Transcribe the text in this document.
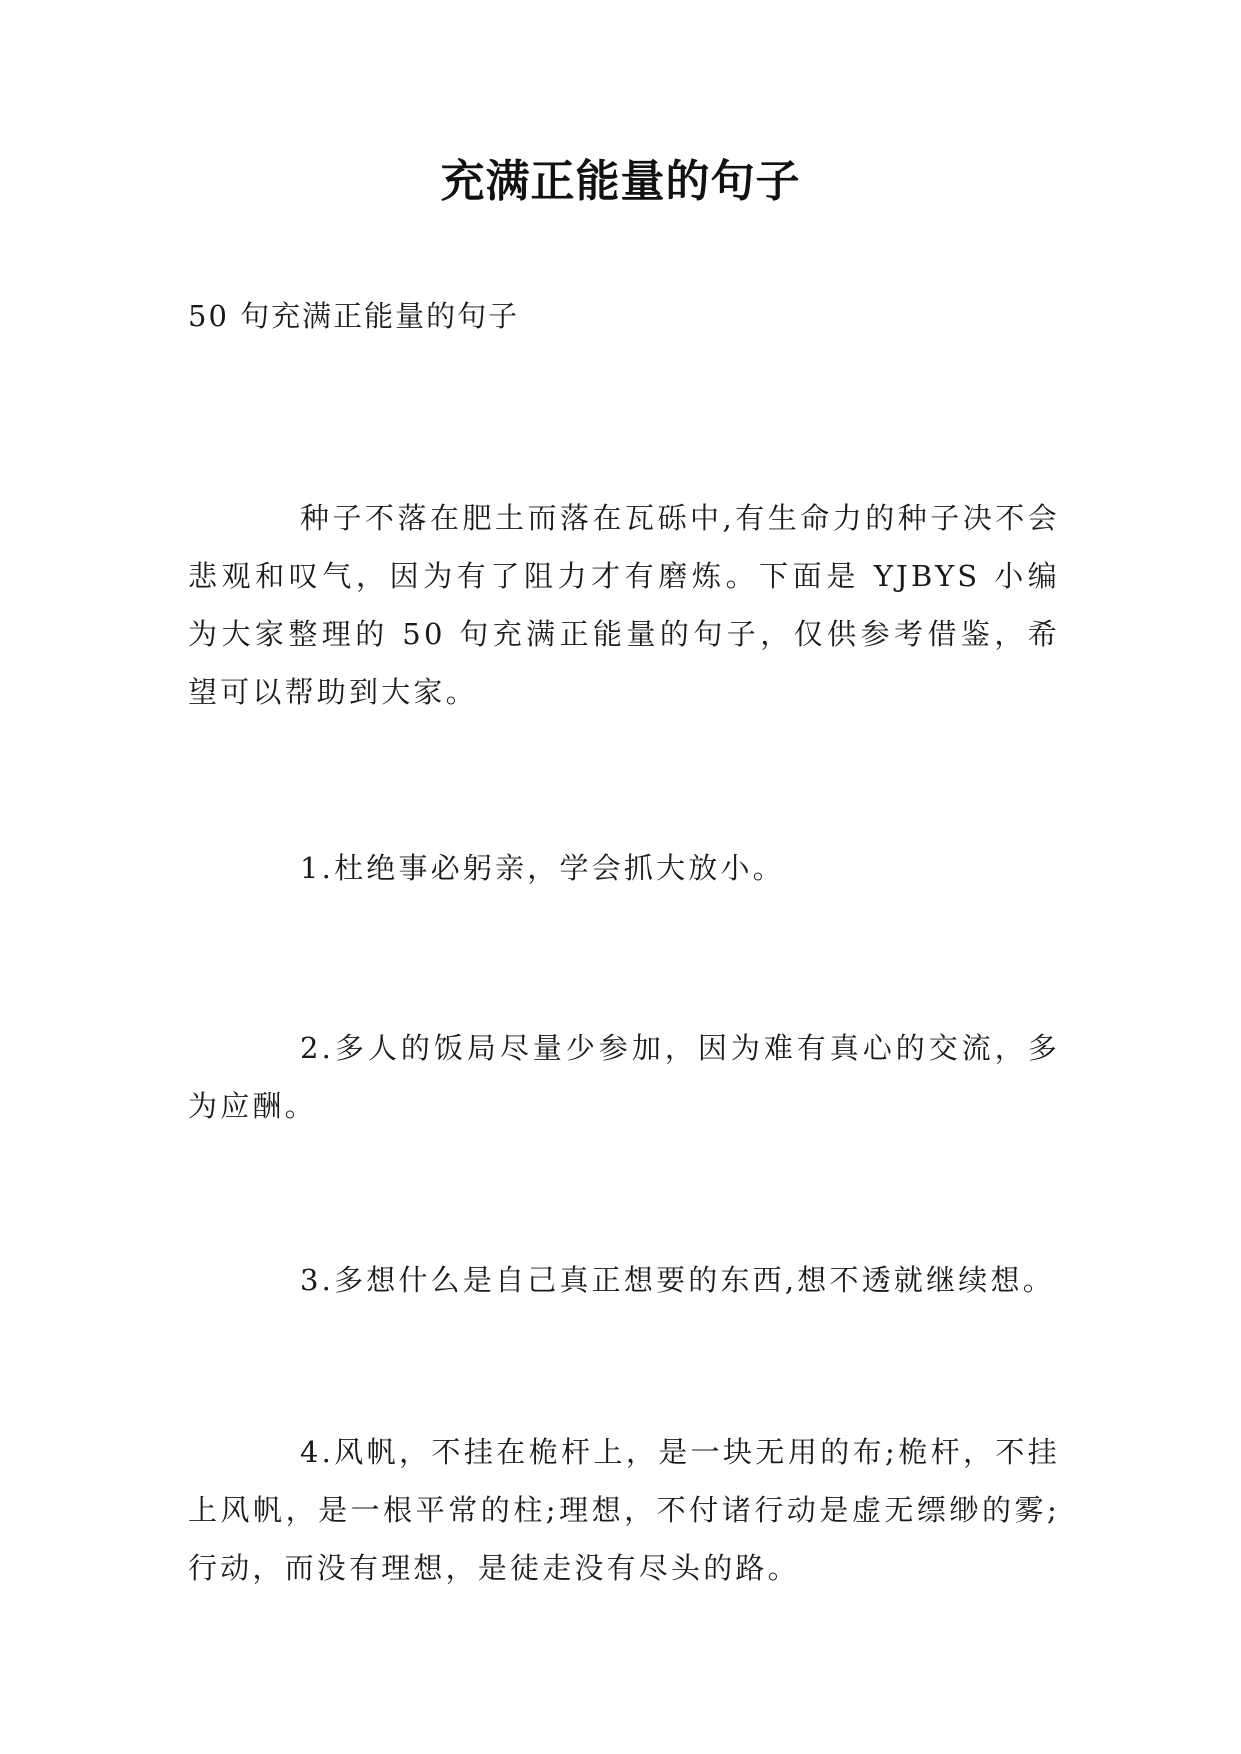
充满正能量的句子
50 句充满正能量的句子

种子不落在肥土而落在瓦砾中,有生命力的种子决不会悲观和叹气，因为有了阻力才有磨炼。下面是 YJBYS 小编为大家整理的 50 句充满正能量的句子，仅供参考借鉴，希望可以帮助到大家。

1.杜绝事必躬亲，学会抓大放小。

2.多人的饭局尽量少参加，因为难有真心的交流，多为应酬。

3.多想什么是自己真正想要的东西,想不透就继续想。

4.风帆，不挂在桅杆上，是一块无用的布;桅杆，不挂上风帆，是一根平常的柱;理想，不付诸行动是虚无缥缈的雾;行动，而没有理想，是徒走没有尽头的路。
